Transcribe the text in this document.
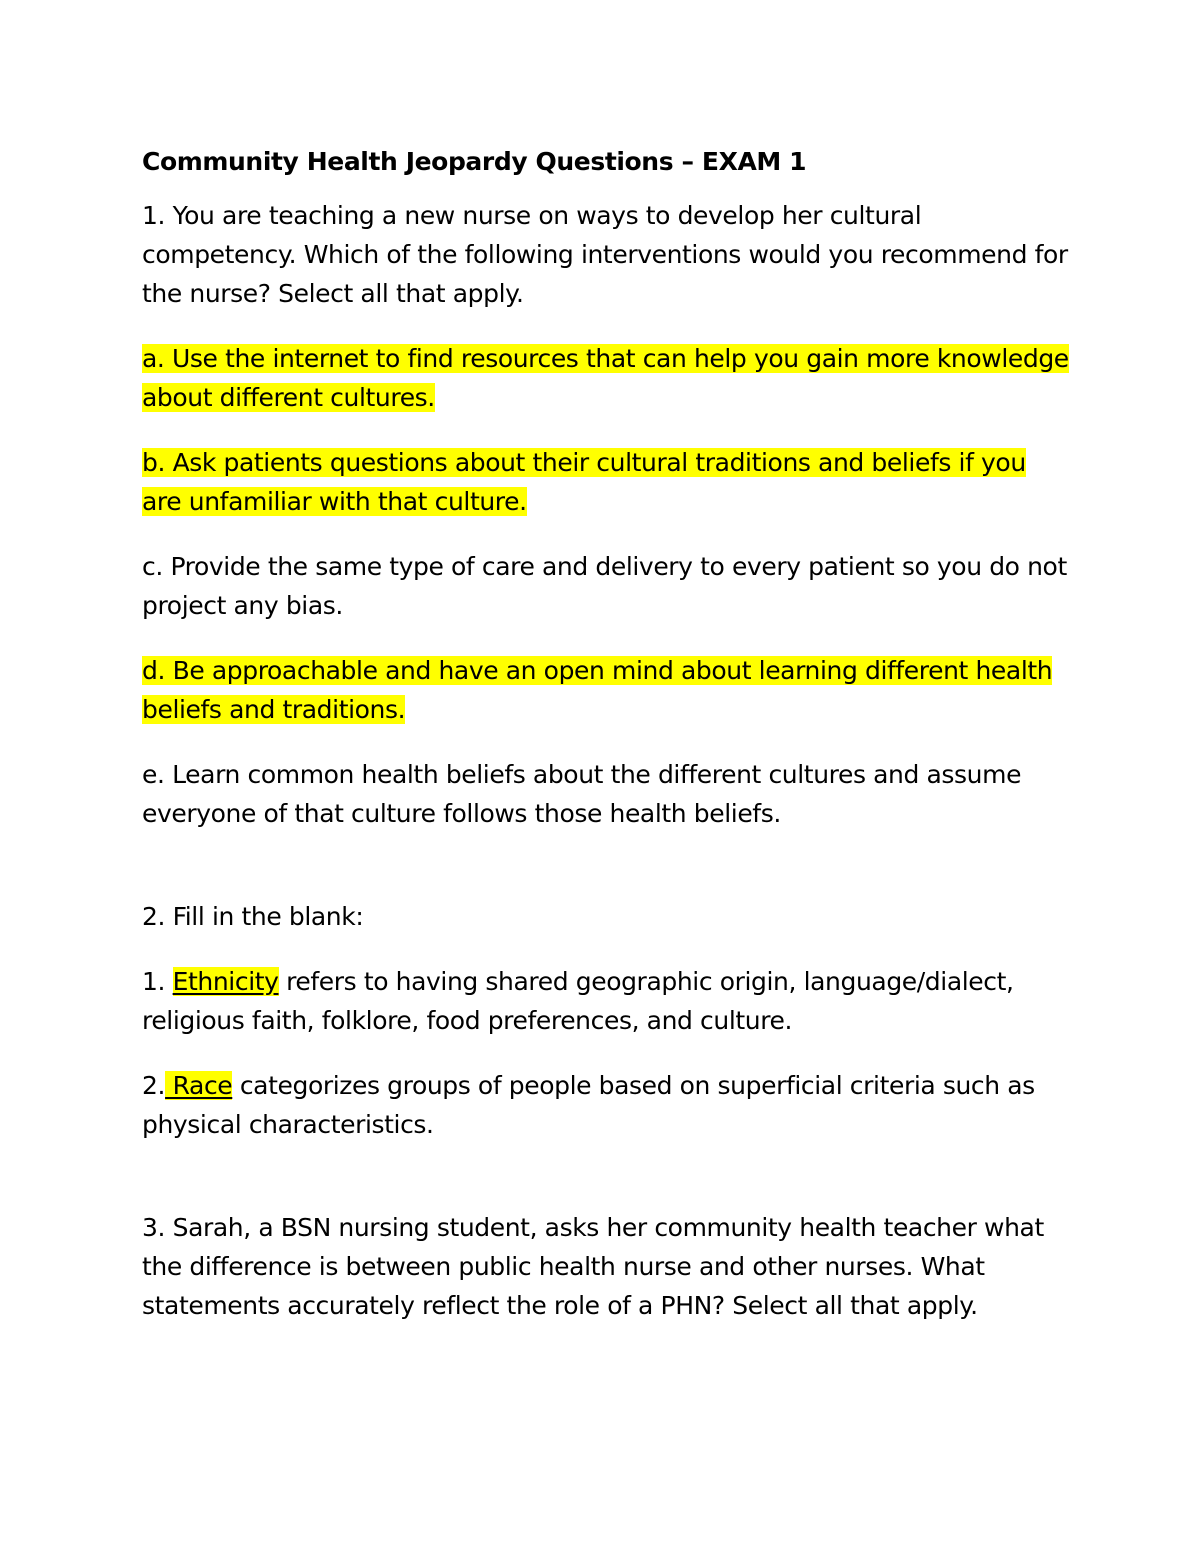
Community Health Jeopardy Questions – EXAM 1

1. You are teaching a new nurse on ways to develop her cultural competency. Which of the following interventions would you recommend for the nurse? Select all that apply.

a. Use the internet to find resources that can help you gain more knowledge about different cultures.

b. Ask patients questions about their cultural traditions and beliefs if you are unfamiliar with that culture.

c. Provide the same type of care and delivery to every patient so you do not project any bias.

d. Be approachable and have an open mind about learning different health beliefs and traditions.

e. Learn common health beliefs about the different cultures and assume everyone of that culture follows those health beliefs.

2. Fill in the blank:

1. Ethnicity refers to having shared geographic origin, language/dialect, religious faith, folklore, food preferences, and culture.

2. Race categorizes groups of people based on superficial criteria such as physical characteristics.

3. Sarah, a BSN nursing student, asks her community health teacher what the difference is between public health nurse and other nurses. What statements accurately reflect the role of a PHN? Select all that apply.
